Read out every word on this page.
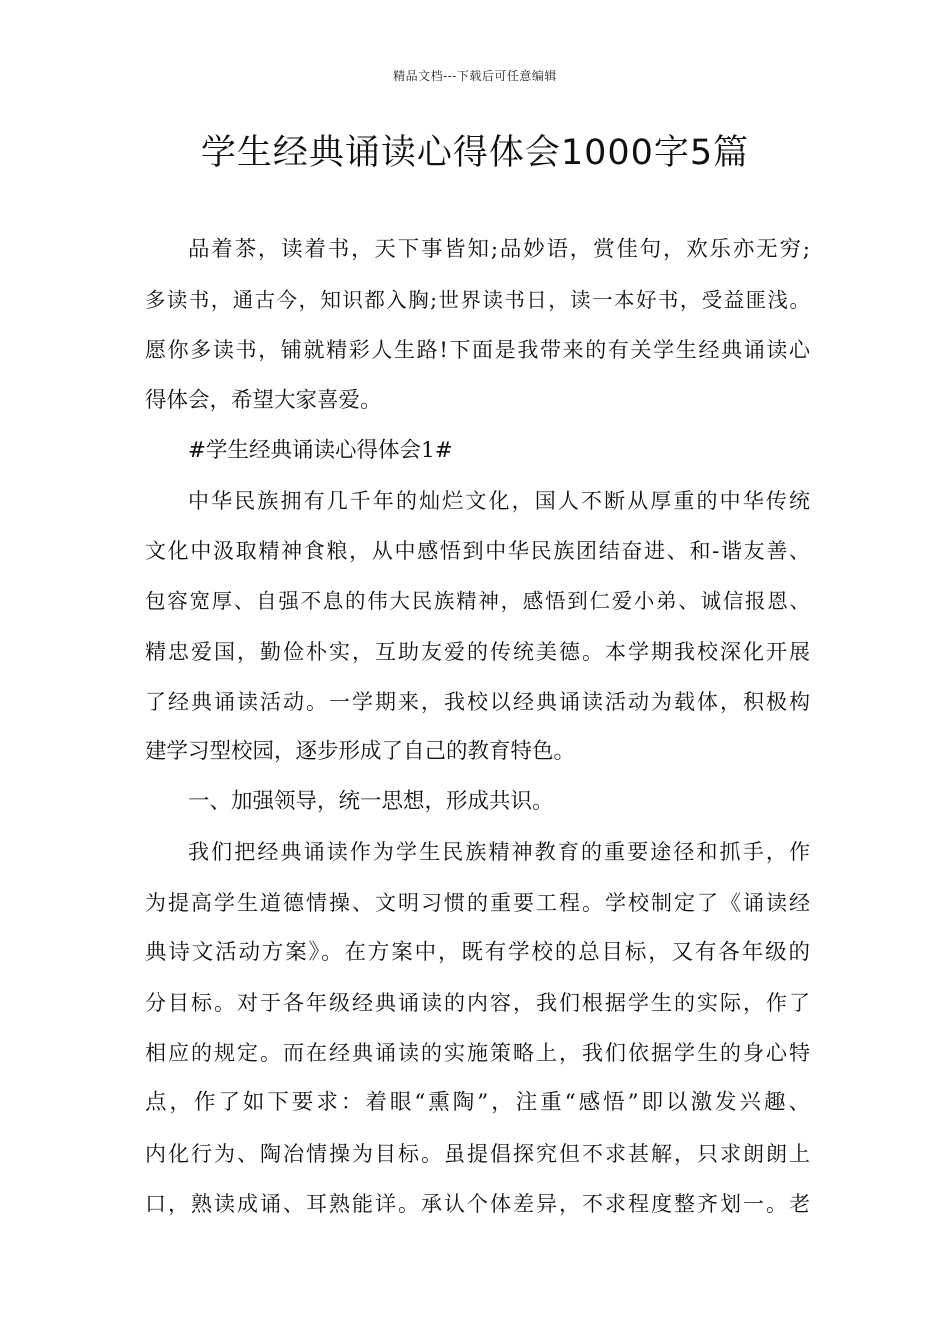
精品文档---下载后可任意编辑
学生经典诵读心得体会1000字5篇

品着茶，读着书，天下事皆知;品妙语，赏佳句，欢乐亦无穷;
多读书，通古今，知识都入胸;世界读书日，读一本好书，受益匪浅。
愿你多读书，铺就精彩人生路!下面是我带来的有关学生经典诵读心
得体会，希望大家喜爱。

#学生经典诵读心得体会1#

中华民族拥有几千年的灿烂文化，国人不断从厚重的中华传统
文化中汲取精神食粮，从中感悟到中华民族团结奋进、和-谐友善、
包容宽厚、自强不息的伟大民族精神，感悟到仁爱小弟、诚信报恩、
精忠爱国，勤俭朴实，互助友爱的传统美德。本学期我校深化开展
了经典诵读活动。一学期来，我校以经典诵读活动为载体，积极构
建学习型校园，逐步形成了自己的教育特色。

一、加强领导，统一思想，形成共识。

我们把经典诵读作为学生民族精神教育的重要途径和抓手，作
为提高学生道德情操、文明习惯的重要工程。学校制定了《诵读经
典诗文活动方案》。在方案中，既有学校的总目标，又有各年级的
分目标。对于各年级经典诵读的内容，我们根据学生的实际，作了
相应的规定。而在经典诵读的实施策略上，我们依据学生的身心特
点，作了如下要求：着眼“熏陶”，注重“感悟”即以激发兴趣、
内化行为、陶冶情操为目标。虽提倡探究但不求甚解，只求朗朗上
口，熟读成诵、耳熟能详。承认个体差异，不求程度整齐划一。老
